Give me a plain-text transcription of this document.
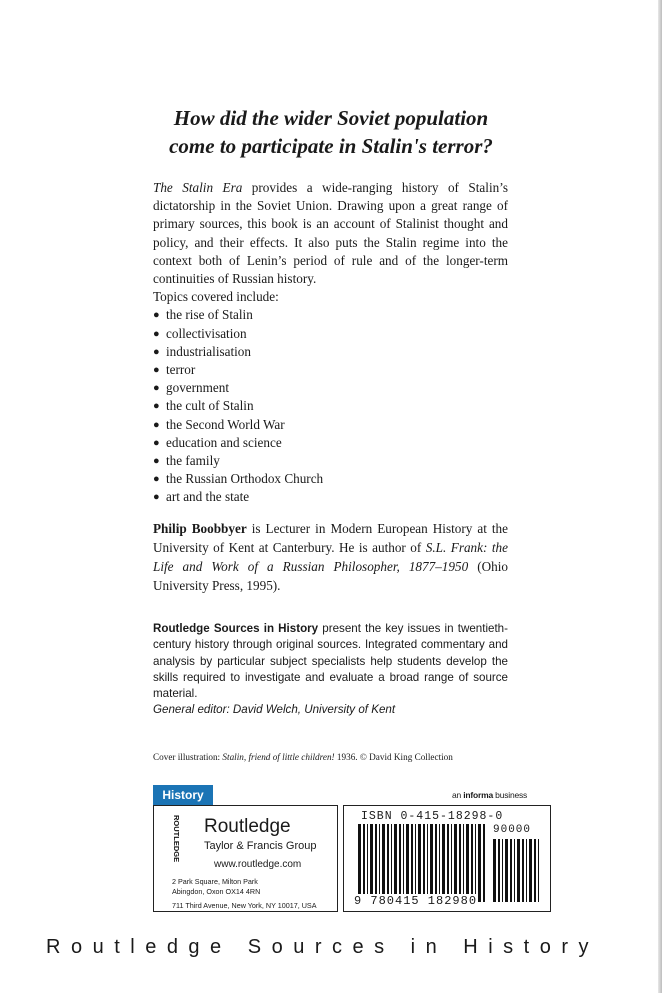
How did the wider Soviet population
come to participate in Stalin's terror?

The Stalin Era provides a wide-ranging history of Stalin’s dictatorship in the Soviet Union. Drawing upon a great range of primary sources, this book is an account of Stalinist thought and policy, and their effects. It also puts the Stalin regime into the context both of Lenin’s period of rule and of the longer-term continuities of Russian history.

Topics covered include:

● the rise of Stalin
● collectivisation
● industrialisation
● terror
● government
● the cult of Stalin
● the Second World War
● education and science
● the family
● the Russian Orthodox Church
● art and the state

Philip Boobbyer is Lecturer in Modern European History at the University of Kent at Canterbury. He is author of S.L. Frank: the Life and Work of a Russian Philosopher, 1877–1950 (Ohio University Press, 1995).

Routledge Sources in History present the key issues in twentieth-century history through original sources. Integrated commentary and analysis by particular subject specialists help students develop the skills required to investigate and evaluate a broad range of source material.

General editor: David Welch, University of Kent

Cover illustration: Stalin, friend of little children! 1936. © David King Collection
History	an informa business
ROUTLEDGE Routledge
Taylor & Francis Group
www.routledge.com
2 Park Square, Milton Park
Abingdon, Oxon OX14 4RN
711 Third Avenue, New York, NY 10017, USA
ISBN 0-415-18298-0
90000
9 780415 182980
Routledge Sources in History
